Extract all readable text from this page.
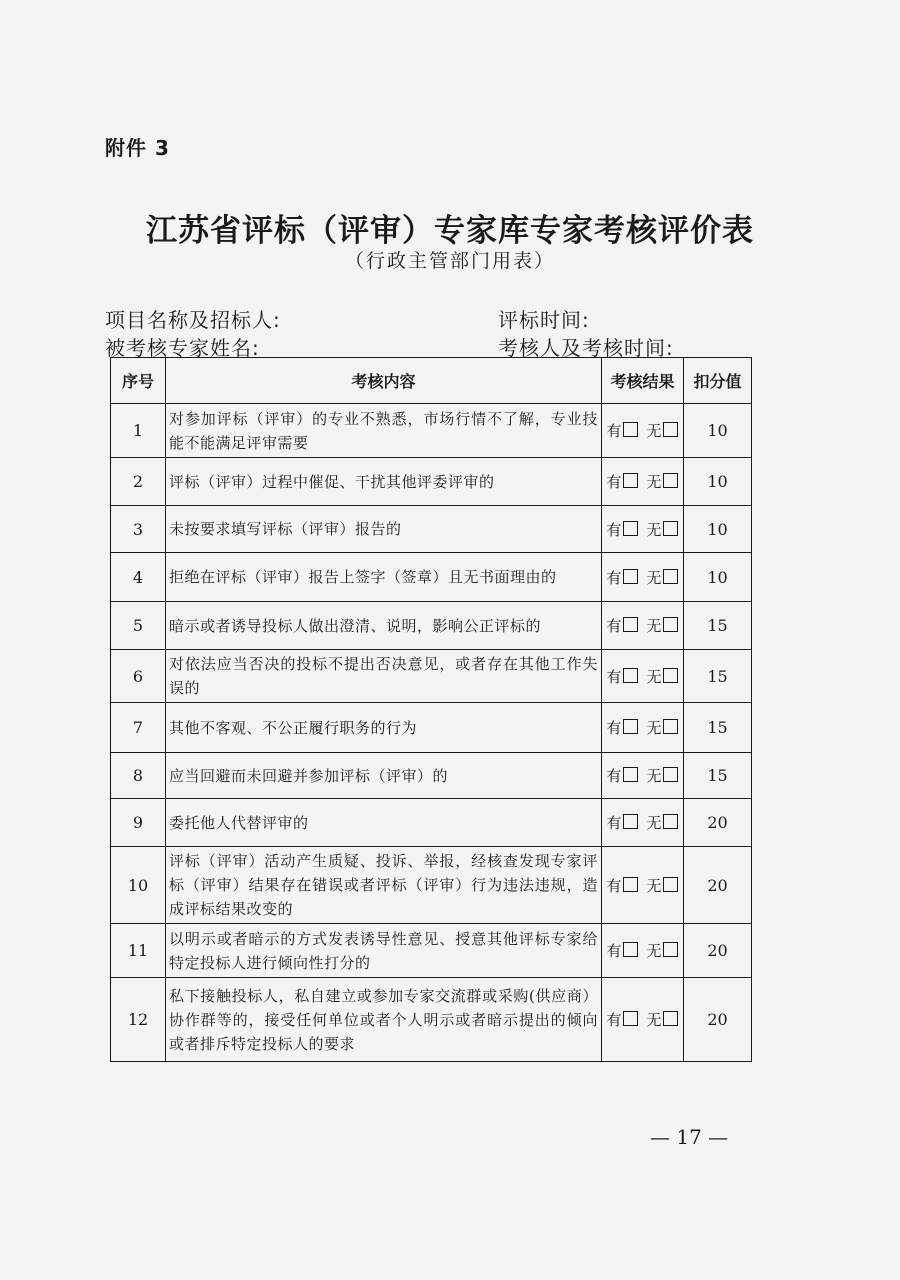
附件 3
江苏省评标（评审）专家库专家考核评价表
（行政主管部门用表）
项目名称及招标人:	评标时间:
被考核专家姓名:	考核人及考核时间:
序号	考核内容	考核结果	扣分值
1	对参加评标（评审）的专业不熟悉，市场行情不了解，专业技能不能满足评审需要	有 无	10
2	评标（评审）过程中催促、干扰其他评委评审的	有 无	10
3	未按要求填写评标（评审）报告的	有 无	10
4	拒绝在评标（评审）报告上签字（签章）且无书面理由的	有 无	10
5	暗示或者诱导投标人做出澄清、说明，影响公正评标的	有 无	15
6	对依法应当否决的投标不提出否决意见，或者存在其他工作失误的	有 无	15
7	其他不客观、不公正履行职务的行为	有 无	15
8	应当回避而未回避并参加评标（评审）的	有 无	15
9	委托他人代替评审的	有 无	20
10	评标（评审）活动产生质疑、投诉、举报，经核查发现专家评标（评审）结果存在错误或者评标（评审）行为违法违规，造成评标结果改变的	有 无	20
11	以明示或者暗示的方式发表诱导性意见、授意其他评标专家给特定投标人进行倾向性打分的	有 无	20
12	私下接触投标人，私自建立或参加专家交流群或采购(供应商）协作群等的，接受任何单位或者个人明示或者暗示提出的倾向或者排斥特定投标人的要求	有 无	20
— 17 —
